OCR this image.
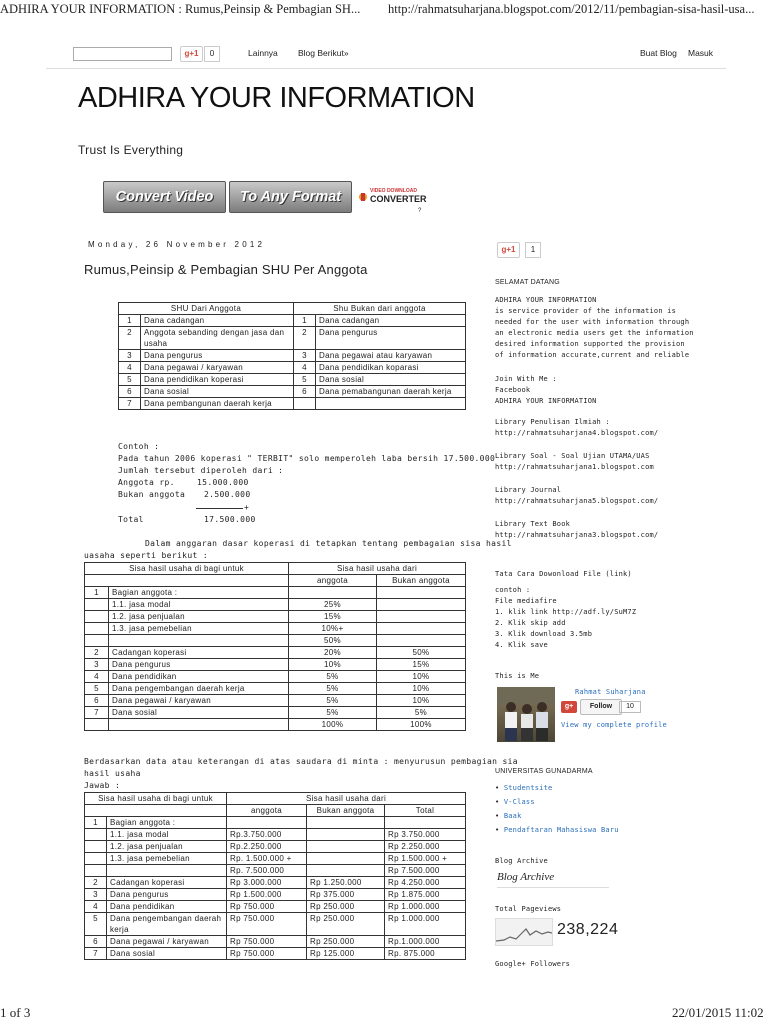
ADHIRA YOUR INFORMATION : Rumus,Peinsip & Pembagian SH... http://rahmatsuharjana.blogspot.com/2012/11/pembagian-sisa-hasil-usa...
g+1	0	Lainnya Blog Berikut»	Buat Blog Masuk
ADHIRA YOUR INFORMATION
Trust Is Everything
Convert Video	To Any Format	VIDEO DOWNLOAD
CONVERTER
?
Monday, 26 November 2012
Rumus,Peinsip & Pembagian SHU Per Anggota
SHU Dari Anggota		Shu Bukan dari anggota	
1	Dana cadangan	1	Dana cadangan
2	Anggota sebanding dengan jasa dan usaha	2	Dana pengurus
3	Dana pengurus	3	Dana pegawai atau karyawan
4	Dana pegawai / karyawan	4	Dana pendidikan koparasi
5	Dana pendidikan koperasi	5	Dana sosial
6	Dana sosial	6	Dana pemabangunan daerah kerja
7	Dana pembangunan daerah kerja		
Contoh :
Pada tahun 2006 koperasi " TERBIT" solo memperoleh laba bersih 17.500.000
Jumlah tersebut diperoleh dari :
Anggota rp.	15.000.000
Bukan anggota 2.500.000
+
Total	17.500.000
Dalam anggaran dasar koperasi di tetapkan tentang pembagaian sisa hasil
uasaha seperti berikut :
Sisa hasil usaha di bagi untuk		Sisa hasil usaha dari	
		anggota	Bukan anggota
1	Bagian anggota :		
	1.1. jasa modal	25%	
	1.2. jasa penjualan	15%	
	1.3. jasa pemebelian	10%+	
		50%	
2	Cadangan koperasi	20%	50%
3	Dana pengurus	10%	15%
4	Dana pendidikan	5%	10%
5	Dana pengembangan daerah kerja	5%	10%
6	Dana pegawai / karyawan	5%	10%
7	Dana sosial	5%	5%
		100%	100%
Berdasarkan data atau keterangan di atas saudara di minta : menyurusun pembagian sia
hasil usaha
Jawab :
Sisa hasil usaha di bagi untuk		Sisa hasil usaha dari		
		anggota	Bukan anggota	Total
1	Bagian anggota :			
	1.1. jasa modal	Rp.3.750.000		Rp 3.750.000
	1.2. jasa penjualan	Rp.2.250.000		Rp 2.250.000
	1.3. jasa pemebelian	Rp. 1.500.000 +		Rp 1.500.000 +
		Rp. 7.500.000		Rp 7.500.000
2	Cadangan koperasi	Rp 3.000.000	Rp 1.250.000	Rp 4.250.000
3	Dana pengurus	Rp 1.500.000	Rp 375.000	Rp 1.875.000
4	Dana pendidikan	Rp 750.000	Rp 250.000	Rp 1.000.000
5	Dana pengembangan daerah kerja	Rp 750.000	Rp 250.000	Rp 1.000.000
6	Dana pegawai / karyawan	Rp 750.000	Rp 250.000	Rp.1.000.000
7	Dana sosial	Rp 750.000	Rp 125.000	Rp. 875.000
g+1	1
SELAMAT DATANG
ADHIRA YOUR INFORMATION
is service provider of the information is
needed for the user with information through
an electronic media users get the information
desired information supported the provision
of information accurate,current and reliable
Join With Me :
Facebook
ADHIRA YOUR INFORMATION
Library Penulisan Ilmiah :
http://rahmatsuharjana4.blogspot.com/
Library Soal - Soal Ujian UTAMA/UAS
http://rahmatsuharjana1.blogspot.com
Library Journal
http://rahmatsuharjana5.blogspot.com/
Library Text Book
http://rahmatsuharjana3.blogspot.com/
Tata Cara Dowonload File (link)
contoh :
File mediafire
1. klik link http://adf.ly/SuM7Z
2. Klik skip add
3. Klik download 3.5mb
4. Klik save
This is Me
Rahmat Suharjana
g+	Follow	10
View my complete profile
UNIVERSITAS GUNADARMA
• Studentsite
• V-Class
• Baak
• Pendaftaran Mahasiswa Baru
Blog Archive
Blog Archive
Total Pageviews
238,224
Google+ Followers
1 of 3	22/01/2015 11:02
